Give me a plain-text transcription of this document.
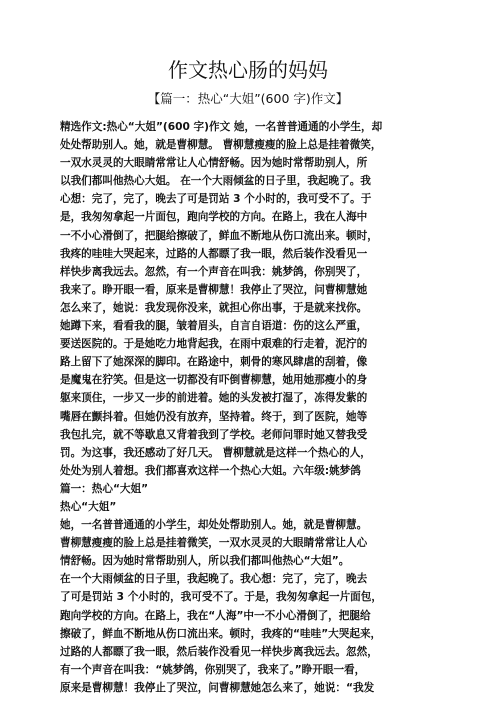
作文热心肠的妈妈
【篇一：热心“大姐”(600 字)作文】
精选作文:热心“大姐”(600 字)作文 她，一名普普通通的小学生，却
处处帮助别人。她，就是曹柳慧。 曹柳慧瘦瘦的脸上总是挂着微笑，
一双水灵灵的大眼睛常常让人心情舒畅。因为她时常帮助别人，所
以我们都叫他热心大姐。 在一个大雨倾盆的日子里，我起晚了。我
心想：完了，完了，晚去了可是罚站 3 个小时的，我可受不了。于
是，我匆匆拿起一片面包，跑向学校的方向。在路上，我在人海中
一不小心滑倒了，把腿给擦破了，鲜血不断地从伤口流出来。顿时，
我疼的哇哇大哭起来，过路的人都瞟了我一眼，然后装作没看见一
样快步离我远去。忽然，有一个声音在叫我：姚梦鸽，你别哭了，
我来了。睁开眼一看，原来是曹柳慧！我停止了哭泣，问曹柳慧她
怎么来了，她说：我发现你没来，就担心你出事，于是就来找你。
她蹲下来，看看我的腿，皱着眉头，自言自语道：伤的这么严重，
要送医院的。于是她吃力地背起我，在雨中艰难的行走着，泥泞的
路上留下了她深深的脚印。在路途中，刺骨的寒风肆虐的刮着，像
是魔鬼在狞笑。但是这一切都没有吓倒曹柳慧，她用她那瘦小的身
躯来顶住，一步又一步的前进着。她的头发被打湿了，冻得发紫的
嘴唇在颤抖着。但她仍没有放弃，坚持着。终于，到了医院，她等
我包扎完，就不等歇息又背着我到了学校。老师问罪时她又替我受
罚。为这事，我还感动了好几天。 曹柳慧就是这样一个热心的人，
处处为别人着想。我们都喜欢这样一个热心大姐。六年级:姚梦鸽
篇一：热心“大姐”
热心“大姐”
她，一名普普通通的小学生，却处处帮助别人。她，就是曹柳慧。
曹柳慧瘦瘦的脸上总是挂着微笑，一双水灵灵的大眼睛常常让人心
情舒畅。因为她时常帮助别人，所以我们都叫他热心“大姐”。
在一个大雨倾盆的日子里，我起晚了。我心想：完了，完了，晚去
了可是罚站 3 个小时的，我可受不了。于是，我匆匆拿起一片面包，
跑向学校的方向。在路上，我在“人海”中一不小心滑倒了，把腿给
擦破了，鲜血不断地从伤口流出来。顿时，我疼的“哇哇”大哭起来，
过路的人都瞟了我一眼，然后装作没看见一样快步离我远去。忽然，
有一个声音在叫我：“姚梦鸽，你别哭了，我来了。”睁开眼一看，
原来是曹柳慧！我停止了哭泣，问曹柳慧她怎么来了，她说：“我发
